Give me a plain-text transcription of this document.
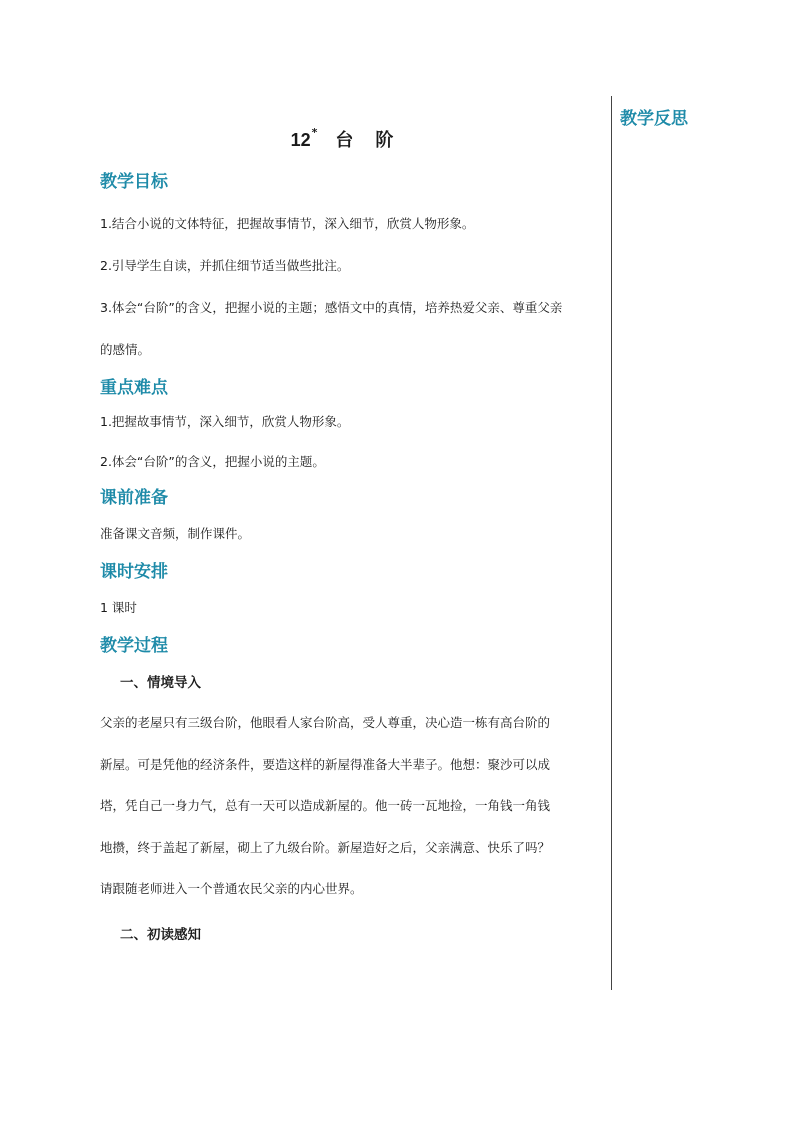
教学反思
12* 台阶
教学目标

1.结合小说的文体特征，把握故事情节，深入细节，欣赏人物形象。

2.引导学生自读，并抓住细节适当做些批注。

3.体会“台阶”的含义，把握小说的主题；感悟文中的真情，培养热爱父亲、尊重父亲

的感情。

重点难点

1.把握故事情节，深入细节，欣赏人物形象。

2.体会“台阶”的含义，把握小说的主题。

课前准备

准备课文音频，制作课件。

课时安排

1 课时

教学过程
一、情境导入

父亲的老屋只有三级台阶，他眼看人家台阶高，受人尊重，决心造一栋有高台阶的

新屋。可是凭他的经济条件，要造这样的新屋得准备大半辈子。他想：聚沙可以成

塔，凭自己一身力气，总有一天可以造成新屋的。他一砖一瓦地捡，一角钱一角钱

地攒，终于盖起了新屋，砌上了九级台阶。新屋造好之后，父亲满意、快乐了吗？

请跟随老师进入一个普通农民父亲的内心世界。

二、初读感知
